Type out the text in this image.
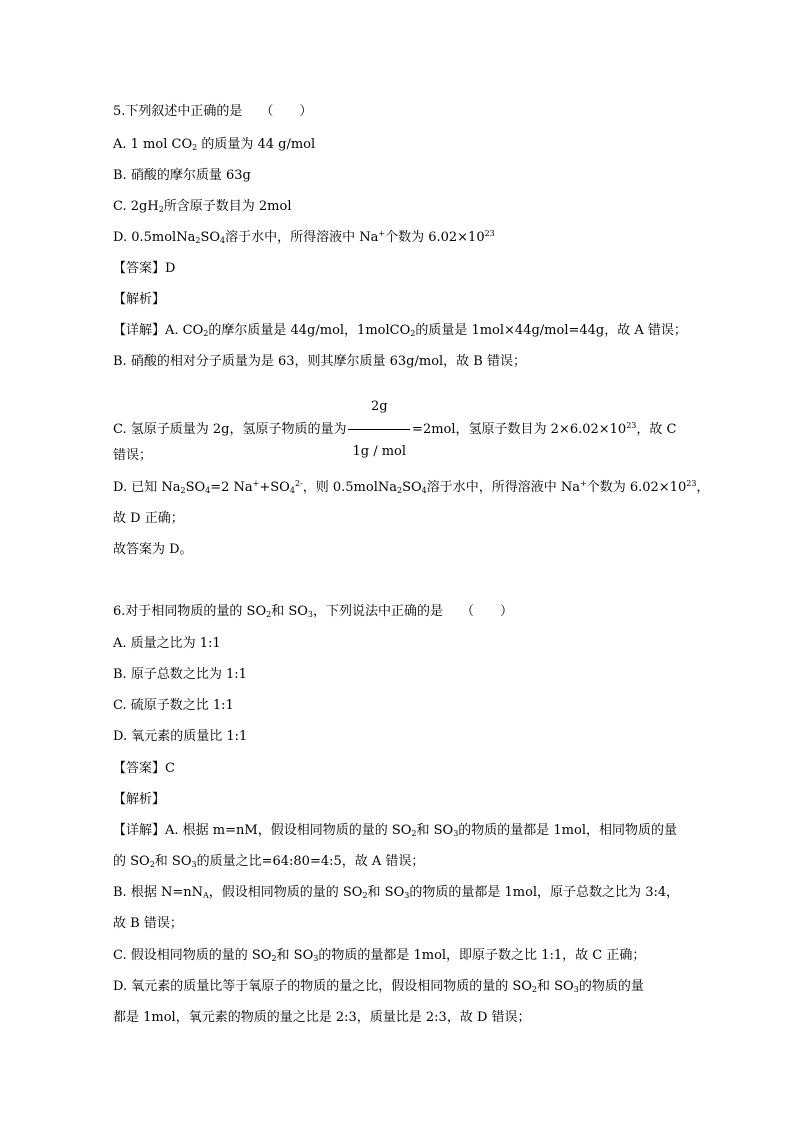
5.下列叙述中正确的是 （　　）
A. 1 mol $CO_2$ 的质量为 44 g/mol
B. 硝酸的摩尔质量 63g
C. $2gH_2$所含原子数目为 2mol
D. $0.5molNa_2SO_4$溶于水中，所得溶液中 Na+个数为 $6.02\times 10^{23}$
【答案】D
【解析】
【详解】A. $CO_2$的摩尔质量是 44g/mol，1molCO$_2$的质量是 1mol×44g/mol=44g，故 A 错误；
B. 硝酸的相对分子质量为是 63，则其摩尔质量 63g/mol，故 B 错误；
C. 氢原子质量为 2g，氢原子物质的量为 $\frac{2g}{\text{1g / mol}} =2mol$，氢原子数目为 $2\times 6.02\times 10^{23}$，故 C
错误；
D. 已知 $Na_2SO_4=2$ $Na^++SO_4^{2-}$，则 $0.5molNa_2SO_4$溶于水中，所得溶液中 Na+个数为 $6.02\times 10^{23}$，
故 D 正确；
故答案为 D。
6.对于相同物质的量的 $SO_2$和 $SO_3$，下列说法中正确的是 （　　）
A. 质量之比为 1:1
B. 原子总数之比为 1:1
C. 硫原子数之比 1:1
D. 氧元素的质量比 1:1
【答案】C
【解析】
【详解】A. 根据 m=nM，假设相同物质的量的 $SO_2$和 $SO_3$的物质的量都是 1mol，相同物质的量
的 $SO_2$和 $SO_3$的质量之比=64:80=4:5，故 A 错误；
B. 根据 $N=nN_A$，假设相同物质的量的 $SO_2$和 $SO_3$的物质的量都是 1mol，原子总数之比为 3:4，
故 B 错误；
C. 假设相同物质的量的 $SO_2$和 $SO_3$的物质的量都是 1mol，即原子数之比 1:1，故 C 正确；
D. 氧元素的质量比等于氧原子的物质的量之比，假设相同物质的量的 $SO_2$和 $SO_3$的物质的量
都是 1mol，氧元素的物质的量之比是 2:3，质量比是 2:3，故 D 错误；
